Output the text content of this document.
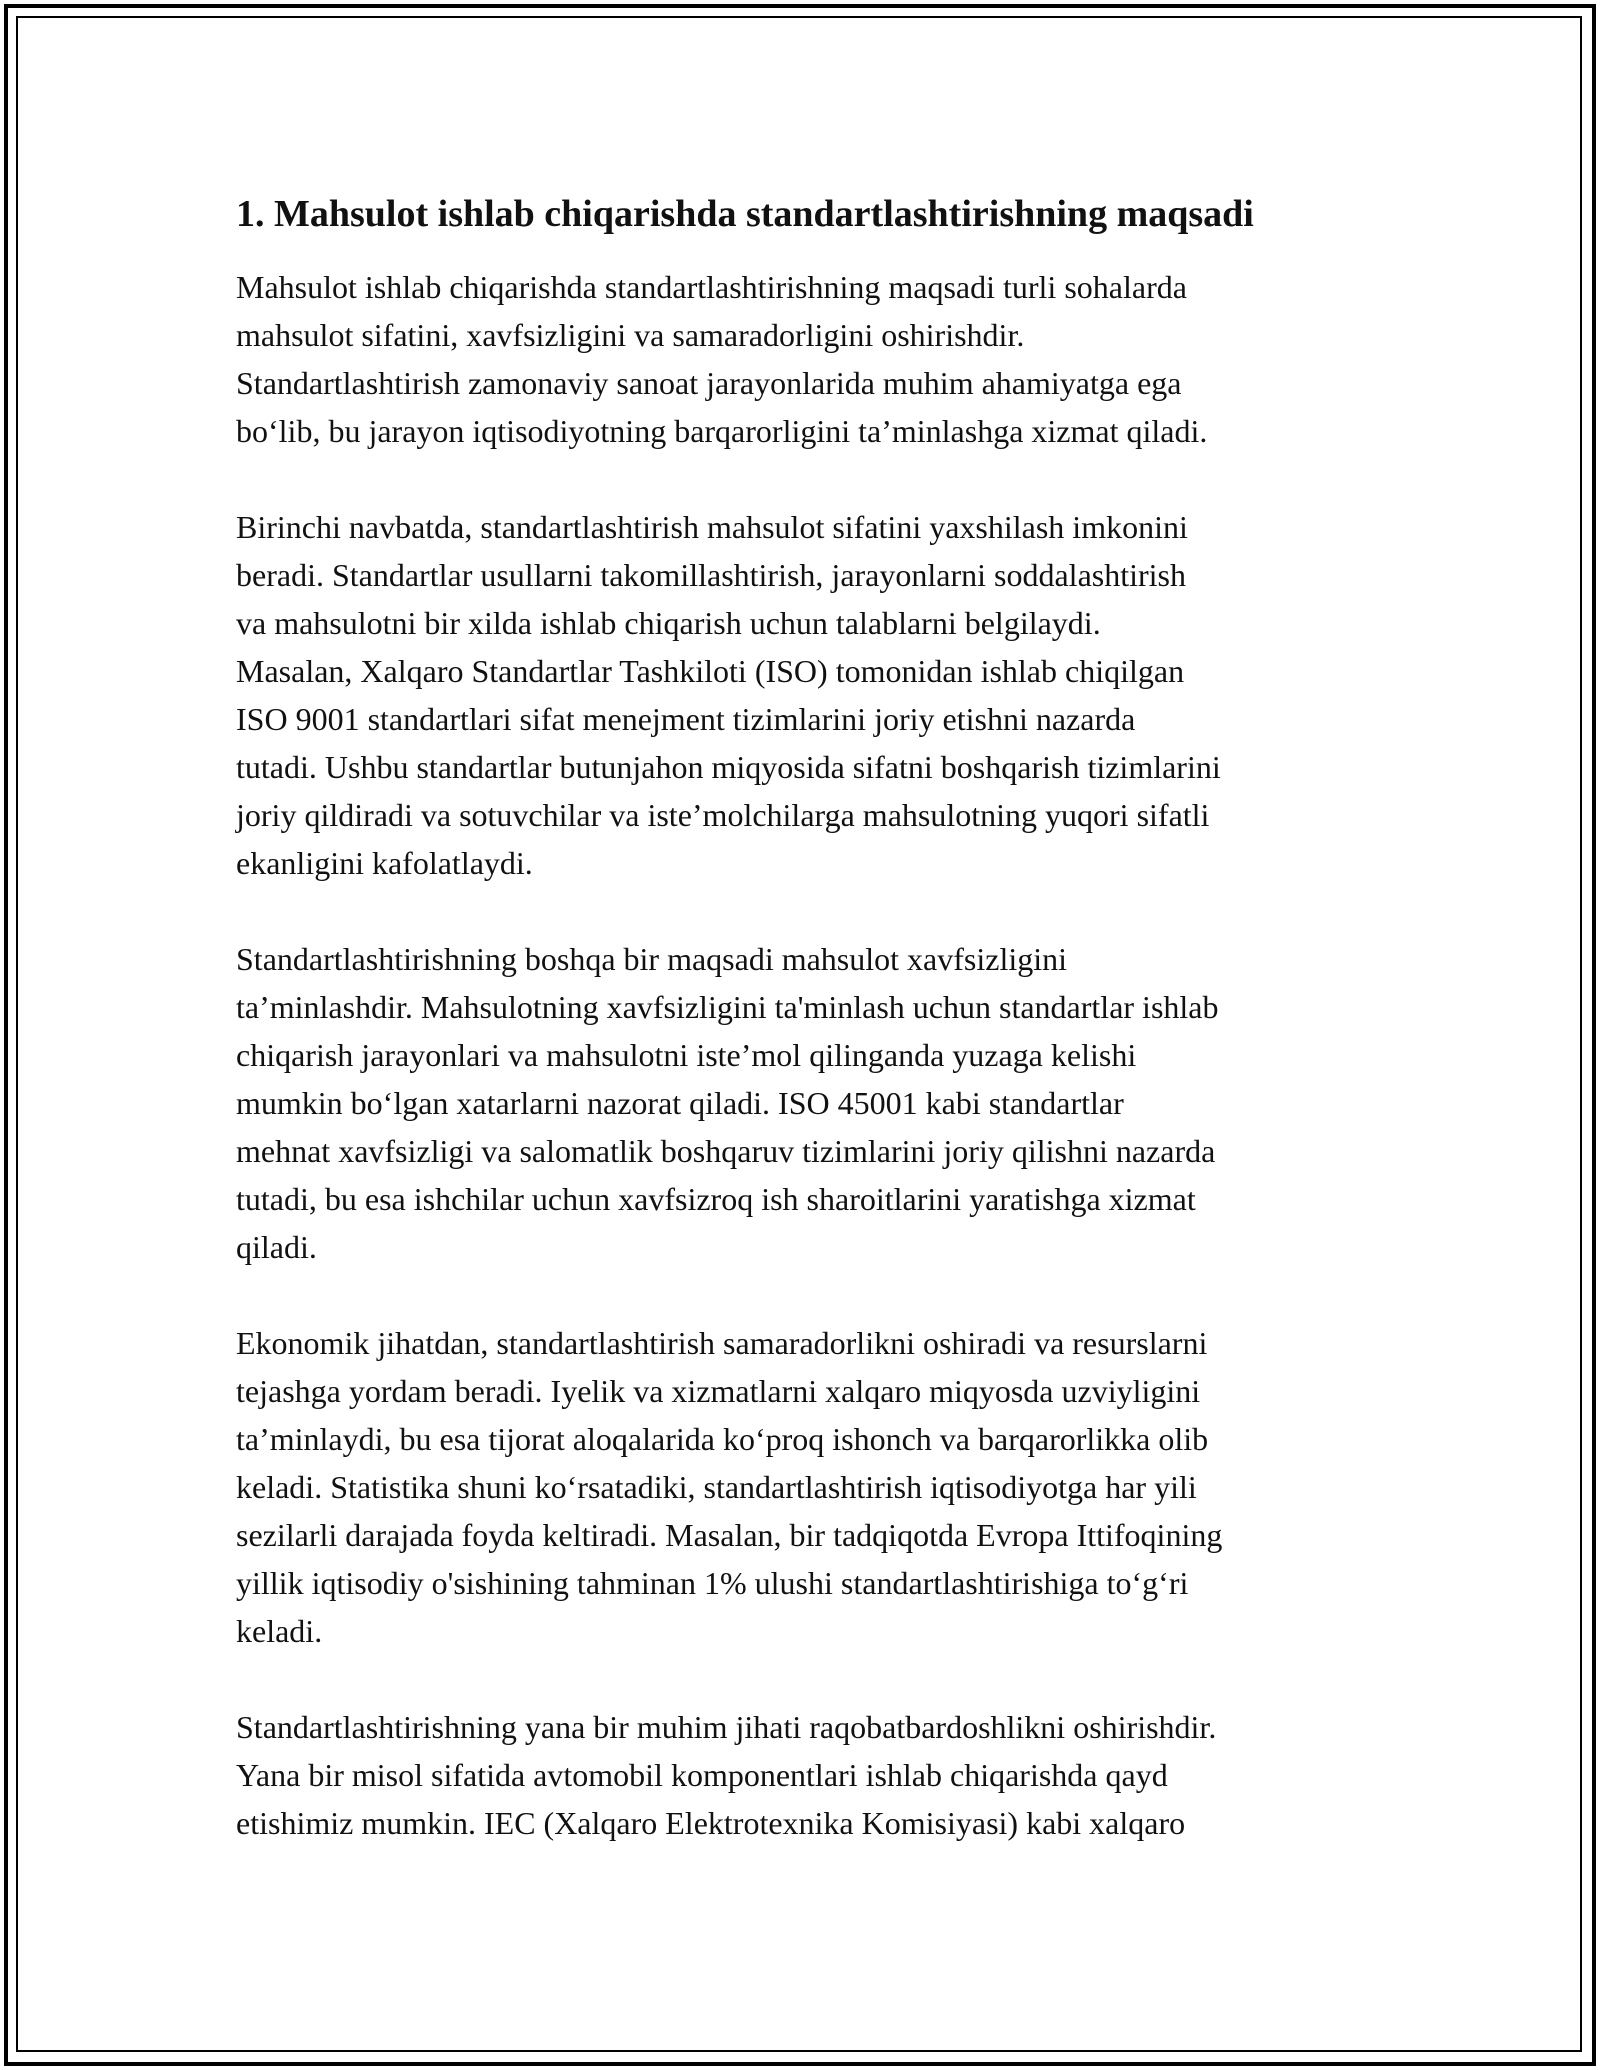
1. Mahsulot ishlab chiqarishda standartlashtirishning maqsadi

Mahsulot ishlab chiqarishda standartlashtirishning maqsadi turli sohalarda
mahsulot sifatini, xavfsizligini va samaradorligini oshirishdir.
Standartlashtirish zamonaviy sanoat jarayonlarida muhim ahamiyatga ega
bo‘lib, bu jarayon iqtisodiyotning barqarorligini ta’minlashga xizmat qiladi.

Birinchi navbatda, standartlashtirish mahsulot sifatini yaxshilash imkonini
beradi. Standartlar usullarni takomillashtirish, jarayonlarni soddalashtirish
va mahsulotni bir xilda ishlab chiqarish uchun talablarni belgilaydi.
Masalan, Xalqaro Standartlar Tashkiloti (ISO) tomonidan ishlab chiqilgan
ISO 9001 standartlari sifat menejment tizimlarini joriy etishni nazarda
tutadi. Ushbu standartlar butunjahon miqyosida sifatni boshqarish tizimlarini
joriy qildiradi va sotuvchilar va iste’molchilarga mahsulotning yuqori sifatli
ekanligini kafolatlaydi.

Standartlashtirishning boshqa bir maqsadi mahsulot xavfsizligini
ta’minlashdir. Mahsulotning xavfsizligini ta'minlash uchun standartlar ishlab
chiqarish jarayonlari va mahsulotni iste’mol qilinganda yuzaga kelishi
mumkin bo‘lgan xatarlarni nazorat qiladi. ISO 45001 kabi standartlar
mehnat xavfsizligi va salomatlik boshqaruv tizimlarini joriy qilishni nazarda
tutadi, bu esa ishchilar uchun xavfsizroq ish sharoitlarini yaratishga xizmat
qiladi.

Ekonomik jihatdan, standartlashtirish samaradorlikni oshiradi va resurslarni
tejashga yordam beradi. Iyelik va xizmatlarni xalqaro miqyosda uzviyligini
ta’minlaydi, bu esa tijorat aloqalarida ko‘proq ishonch va barqarorlikka olib
keladi. Statistika shuni ko‘rsatadiki, standartlashtirish iqtisodiyotga har yili
sezilarli darajada foyda keltiradi. Masalan, bir tadqiqotda Evropa Ittifoqining
yillik iqtisodiy o'sishining tahminan 1% ulushi standartlashtirishiga to‘g‘ri
keladi.

Standartlashtirishning yana bir muhim jihati raqobatbardoshlikni oshirishdir.
Yana bir misol sifatida avtomobil komponentlari ishlab chiqarishda qayd
etishimiz mumkin. IEC (Xalqaro Elektrotexnika Komisiyasi) kabi xalqaro
